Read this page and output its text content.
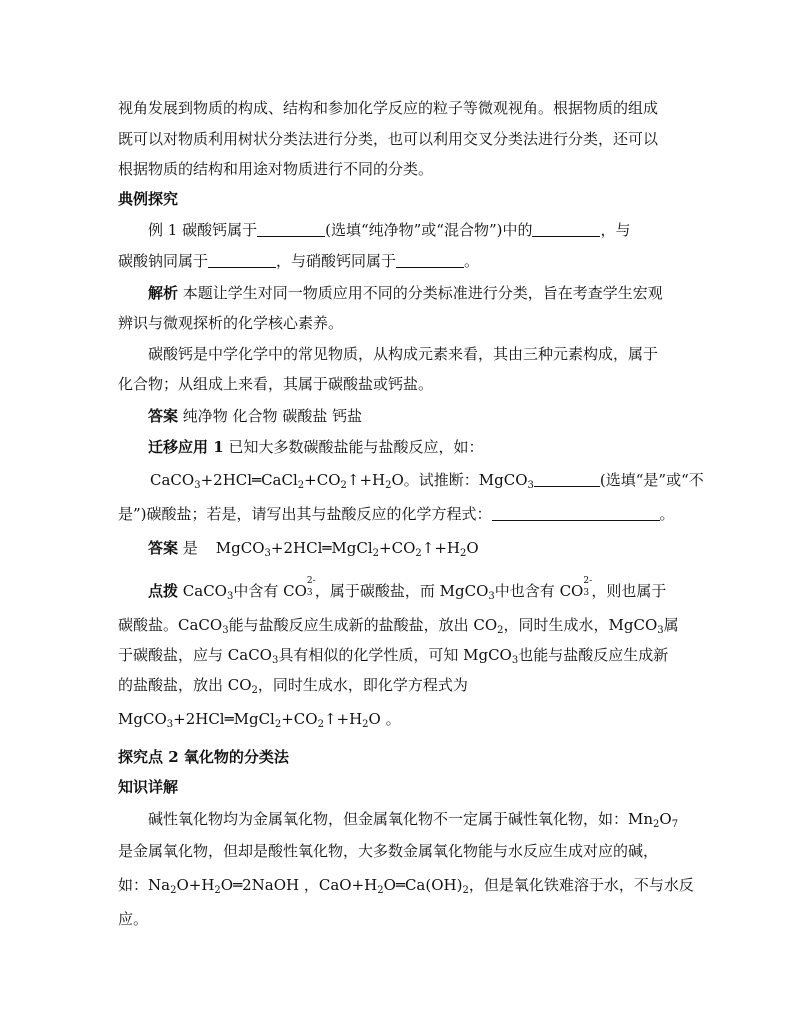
视角发展到物质的构成、结构和参加化学反应的粒子等微观视角。根据物质的组成
既可以对物质利用树状分类法进行分类，也可以利用交叉分类法进行分类，还可以
根据物质的结构和用途对物质进行不同的分类。
典例探究
例 1 碳酸钙属于	(选填“纯净物”或“混合物”)中的	，与
碳酸钠同属于	，与硝酸钙同属于	。
解析 本题让学生对同一物质应用不同的分类标准进行分类，旨在考查学生宏观
辨识与微观探析的化学核心素养。
碳酸钙是中学化学中的常见物质，从构成元素来看，其由三种元素构成，属于
化合物；从组成上来看，其属于碳酸盐或钙盐。
答案 纯净物 化合物 碳酸盐 钙盐
迁移应用 1 已知大多数碳酸盐能与盐酸反应，如：
$CaCO_3+2HCl═CaCl_2+CO_2↑+H_2O$。试推断：MgCO$_3$	(选填“是”或“不
是”)碳酸盐；若是，请写出其与盐酸反应的化学方程式：	。
答案 是 $MgCO_3+2HCl═MgCl_2+CO_2↑+H_2O$
点拨 CaCO$_3$中含有 CO
2-
3 ，属于碳酸盐，而 MgCO$_3$中也含有 CO
2-
3 ，则也属于
碳酸盐。CaCO$_3$能与盐酸反应生成新的盐酸盐，放出 $CO_2$，同时生成水，MgCO$_3$属
于碳酸盐，应与 CaCO$_3$具有相似的化学性质，可知 MgCO$_3$也能与盐酸反应生成新
的盐酸盐，放出 $CO_2$，同时生成水，即化学方程式为
$MgCO_3+2HCl═MgCl_2+CO_2↑+H_2O$ 。
探究点 2 氧化物的分类法
知识详解
碱性氧化物均为金属氧化物，但金属氧化物不一定属于碱性氧化物，如：$Mn_2O_7$
是金属氧化物，但却是酸性氧化物，大多数金属氧化物能与水反应生成对应的碱，
如：$Na_2O+H_2O═2NaOH$ ，$CaO+H_2O═Ca(OH)_2$，但是氧化铁难溶于水，不与水反
应。
